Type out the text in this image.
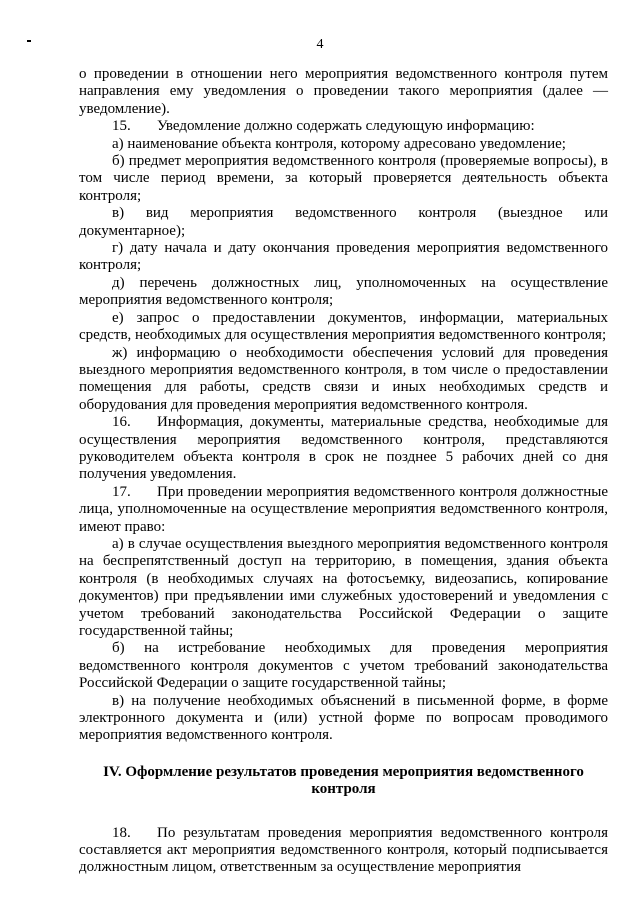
4

о проведении в отношении него мероприятия ведомственного контроля путем направления ему уведомления о проведении такого мероприятия (далее — уведомление).

15. Уведомление должно содержать следующую информацию:

а) наименование объекта контроля, которому адресовано уведомление;

б) предмет мероприятия ведомственного контроля (проверяемые вопросы), в том числе период времени, за который проверяется деятельность объекта контроля;

в) вид мероприятия ведомственного контроля (выездное или документарное);

г) дату начала и дату окончания проведения мероприятия ведомственного контроля;

д) перечень должностных лиц, уполномоченных на осуществление мероприятия ведомственного контроля;

е) запрос о предоставлении документов, информации, материальных средств, необходимых для осуществления мероприятия ведомственного контроля;

ж) информацию о необходимости обеспечения условий для проведения выездного мероприятия ведомственного контроля, в том числе о предоставлении помещения для работы, средств связи и иных необходимых средств и оборудования для проведения мероприятия ведомственного контроля.

16. Информация, документы, материальные средства, необходимые для осуществления мероприятия ведомственного контроля, представляются руководителем объекта контроля в срок не позднее 5 рабочих дней со дня получения уведомления.

17. При проведении мероприятия ведомственного контроля должностные лица, уполномоченные на осуществление мероприятия ведомственного контроля, имеют право:

а) в случае осуществления выездного мероприятия ведомственного контроля на беспрепятственный доступ на территорию, в помещения, здания объекта контроля (в необходимых случаях на фотосъемку, видеозапись, копирование документов) при предъявлении ими служебных удостоверений и уведомления с учетом требований законодательства Российской Федерации о защите государственной тайны;

б) на истребование необходимых для проведения мероприятия ведомственного контроля документов с учетом требований законодательства Российской Федерации о защите государственной тайны;

в) на получение необходимых объяснений в письменной форме, в форме электронного документа и (или) устной форме по вопросам проводимого мероприятия ведомственного контроля.

IV. Оформление результатов проведения мероприятия ведомственного контроля

18. По результатам проведения мероприятия ведомственного контроля составляется акт мероприятия ведомственного контроля, который подписывается должностным лицом, ответственным за осуществление мероприятия
